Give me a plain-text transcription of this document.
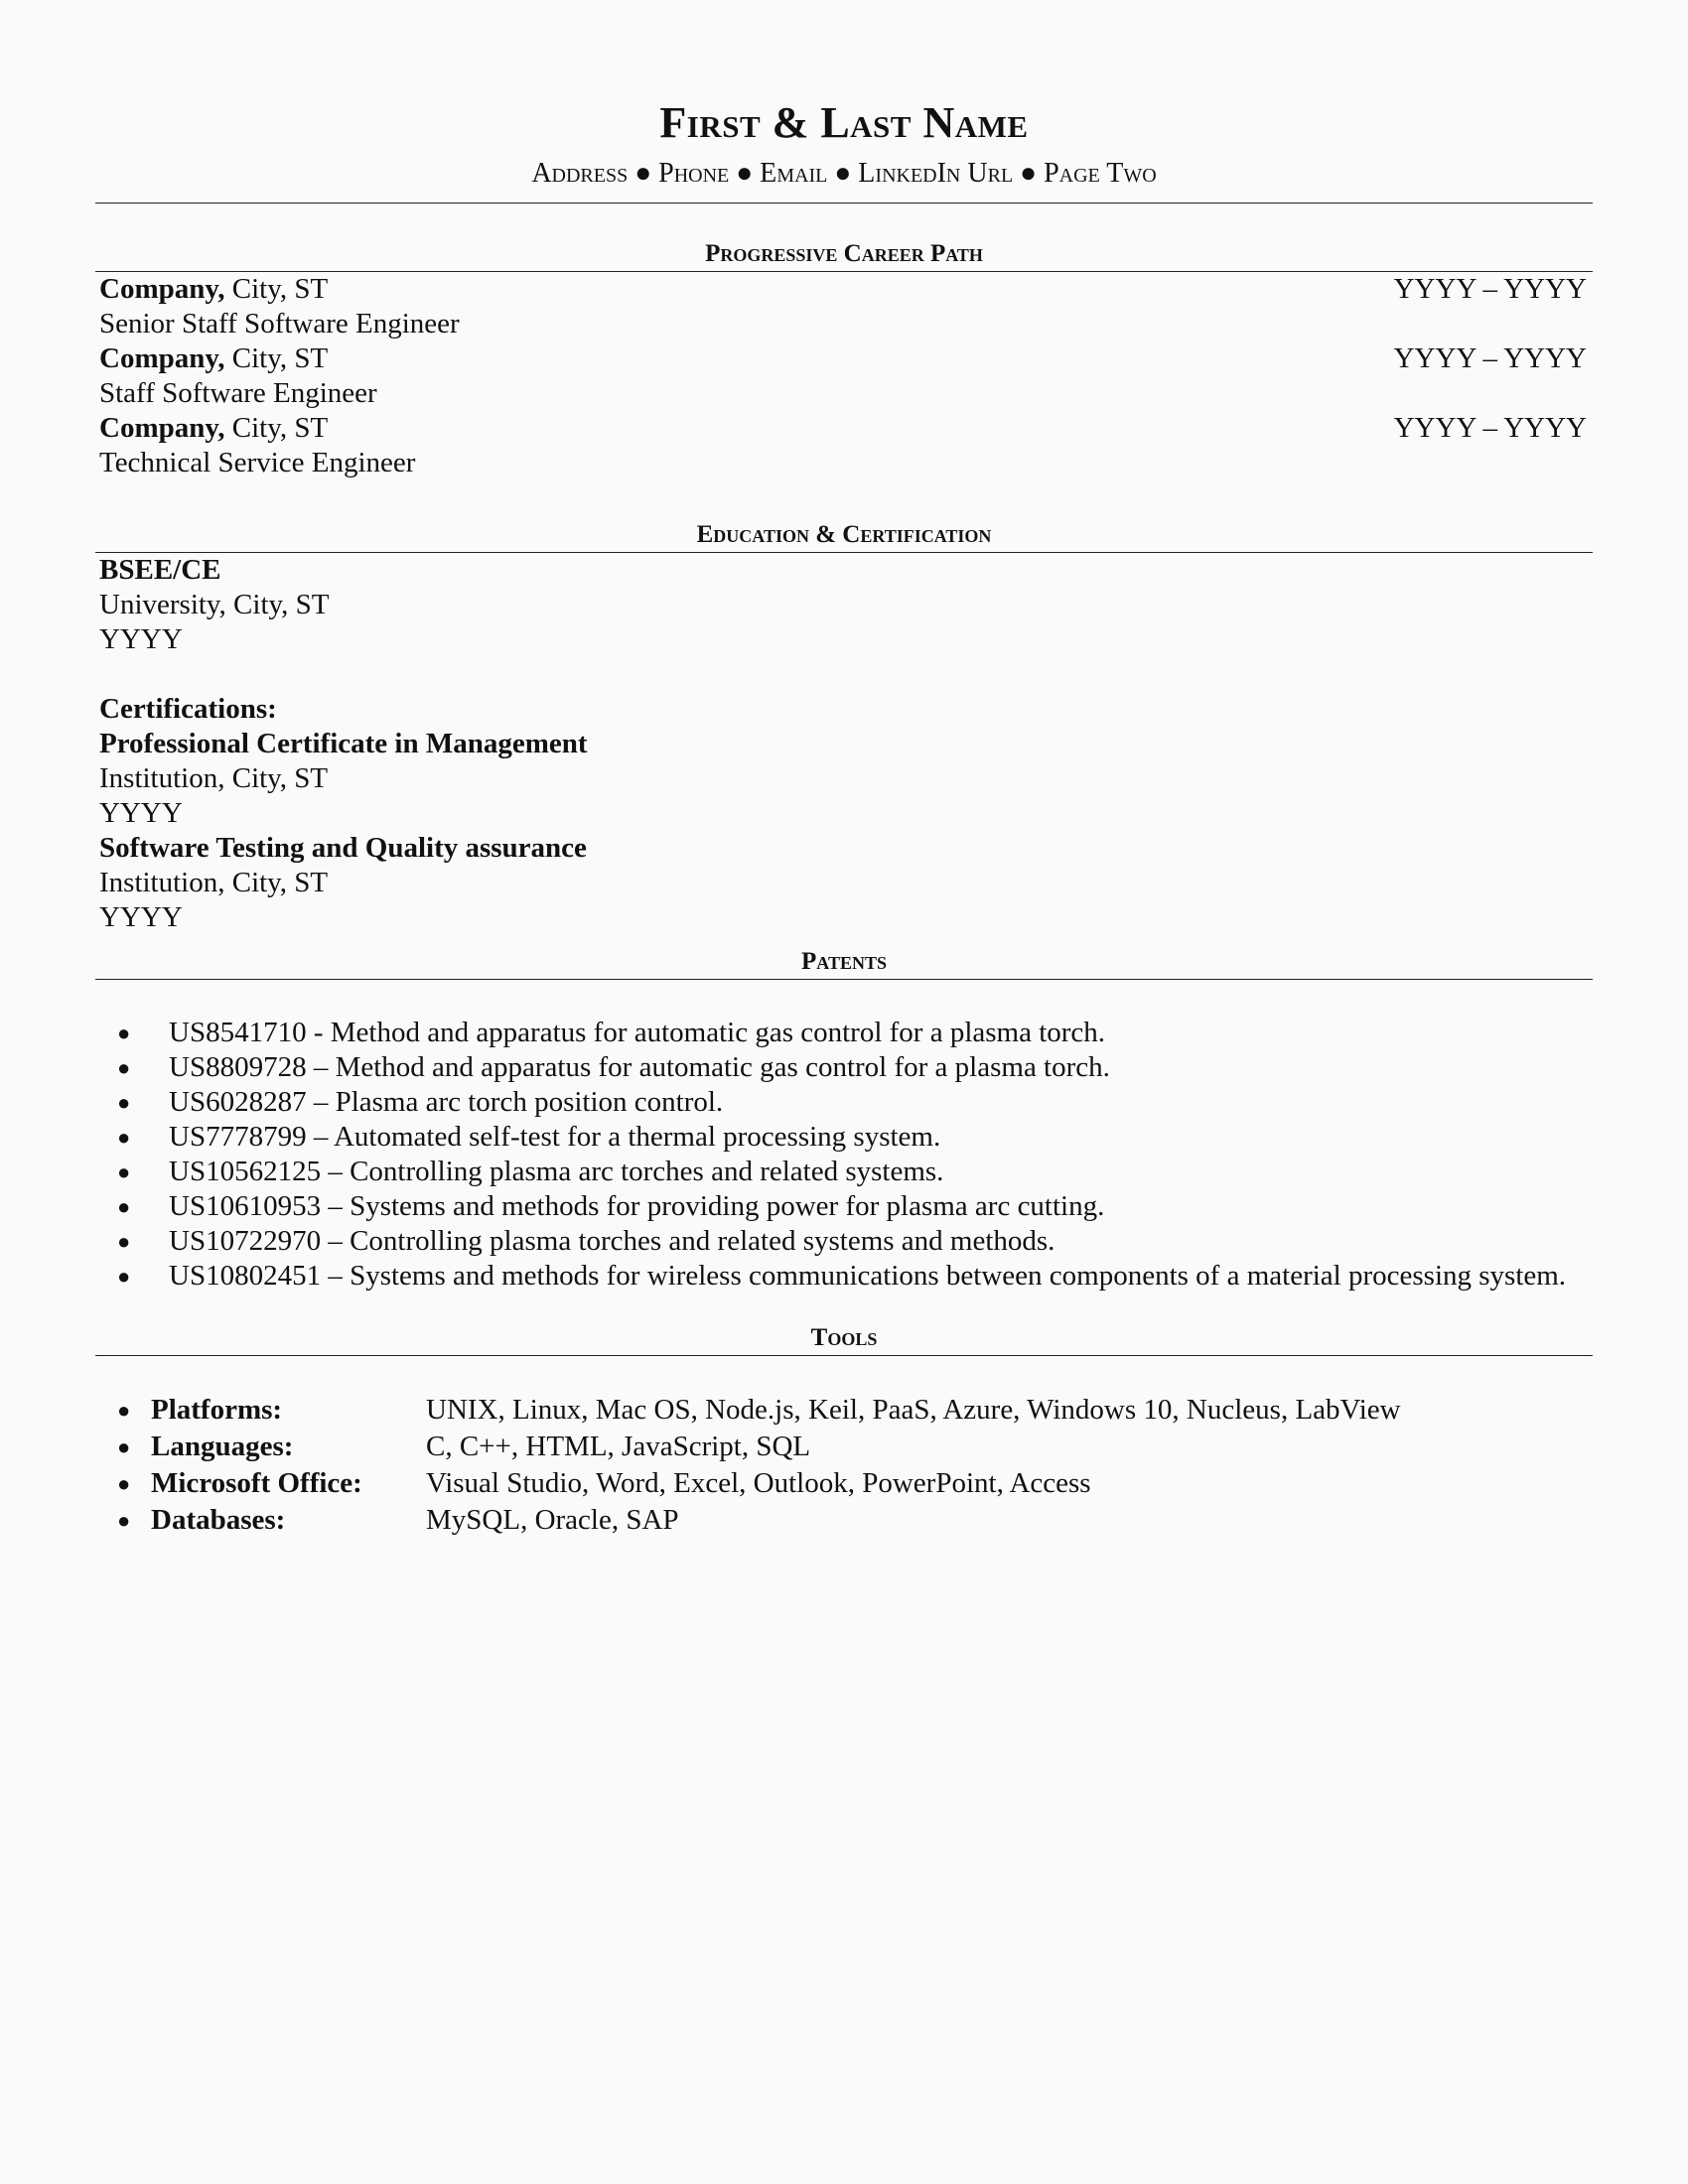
First & Last Name
Address ● Phone ● Email ● LinkedIn Url ● Page Two
Progressive Career Path
Company, City, ST	YYYY – YYYY
Senior Staff Software Engineer
Company, City, ST	YYYY – YYYY
Staff Software Engineer
Company, City, ST	YYYY – YYYY
Technical Service Engineer
Education & Certification
BSEE/CE
University, City, ST
YYYY
Certifications:
Professional Certificate in Management
Institution, City, ST
YYYY
Software Testing and Quality assurance
Institution, City, ST
YYYY
Patents
● US8541710 - Method and apparatus for automatic gas control for a plasma torch.
● US8809728 – Method and apparatus for automatic gas control for a plasma torch.
● US6028287 – Plasma arc torch position control.
● US7778799 – Automated self-test for a thermal processing system.
● US10562125 – Controlling plasma arc torches and related systems.
● US10610953 – Systems and methods for providing power for plasma arc cutting.
● US10722970 – Controlling plasma torches and related systems and methods.
● US10802451 – Systems and methods for wireless communications between components of a material processing system.
Tools
● Platforms:	UNIX, Linux, Mac OS, Node.js, Keil, PaaS, Azure, Windows 10, Nucleus, LabView
● Languages:	C, C++, HTML, JavaScript, SQL
● Microsoft Office:	Visual Studio, Word, Excel, Outlook, PowerPoint, Access
● Databases:	MySQL, Oracle, SAP
